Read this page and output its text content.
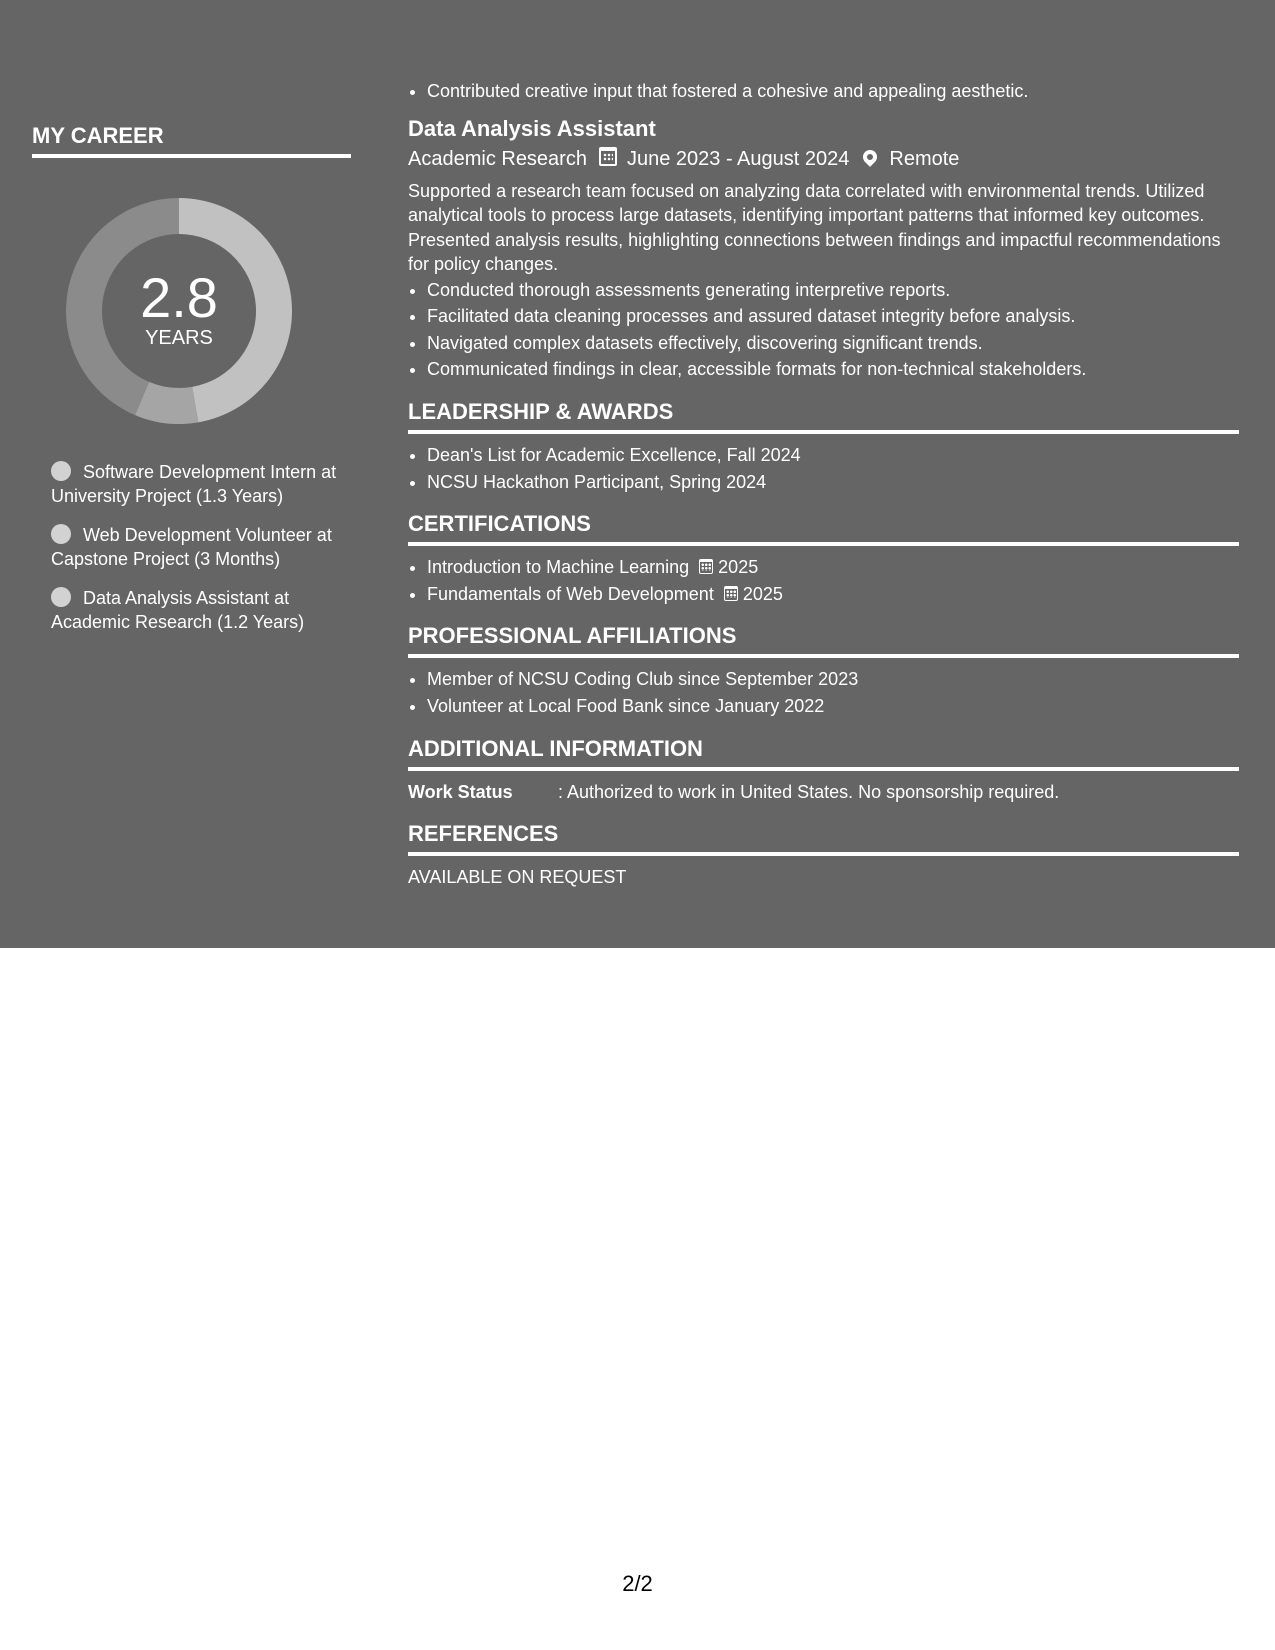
MY CAREER
2.8
YEARS
Software Development Intern at University Project (1.3 Years)
Web Development Volunteer at Capstone Project (3 Months)
Data Analysis Assistant at Academic Research (1.2 Years)
• Contributed creative input that fostered a cohesive and appealing aesthetic.
Data Analysis Assistant
Academic Research June 2023 - August 2024 Remote

Supported a research team focused on analyzing data correlated with environmental trends. Utilized analytical tools to process large datasets, identifying important patterns that informed key outcomes. Presented analysis results, highlighting connections between findings and impactful recommendations for policy changes.

• Conducted thorough assessments generating interpretive reports.
• Facilitated data cleaning processes and assured dataset integrity before analysis.
• Navigated complex datasets effectively, discovering significant trends.
• Communicated findings in clear, accessible formats for non-technical stakeholders.
LEADERSHIP & AWARDS
• Dean's List for Academic Excellence, Fall 2024
• NCSU Hackathon Participant, Spring 2024
CERTIFICATIONS
• Introduction to Machine Learning 2025
• Fundamentals of Web Development 2025
PROFESSIONAL AFFILIATIONS
• Member of NCSU Coding Club since September 2023
• Volunteer at Local Food Bank since January 2022
ADDITIONAL INFORMATION
Work Status	: Authorized to work in United States. No sponsorship required.
REFERENCES

AVAILABLE ON REQUEST

2/2
